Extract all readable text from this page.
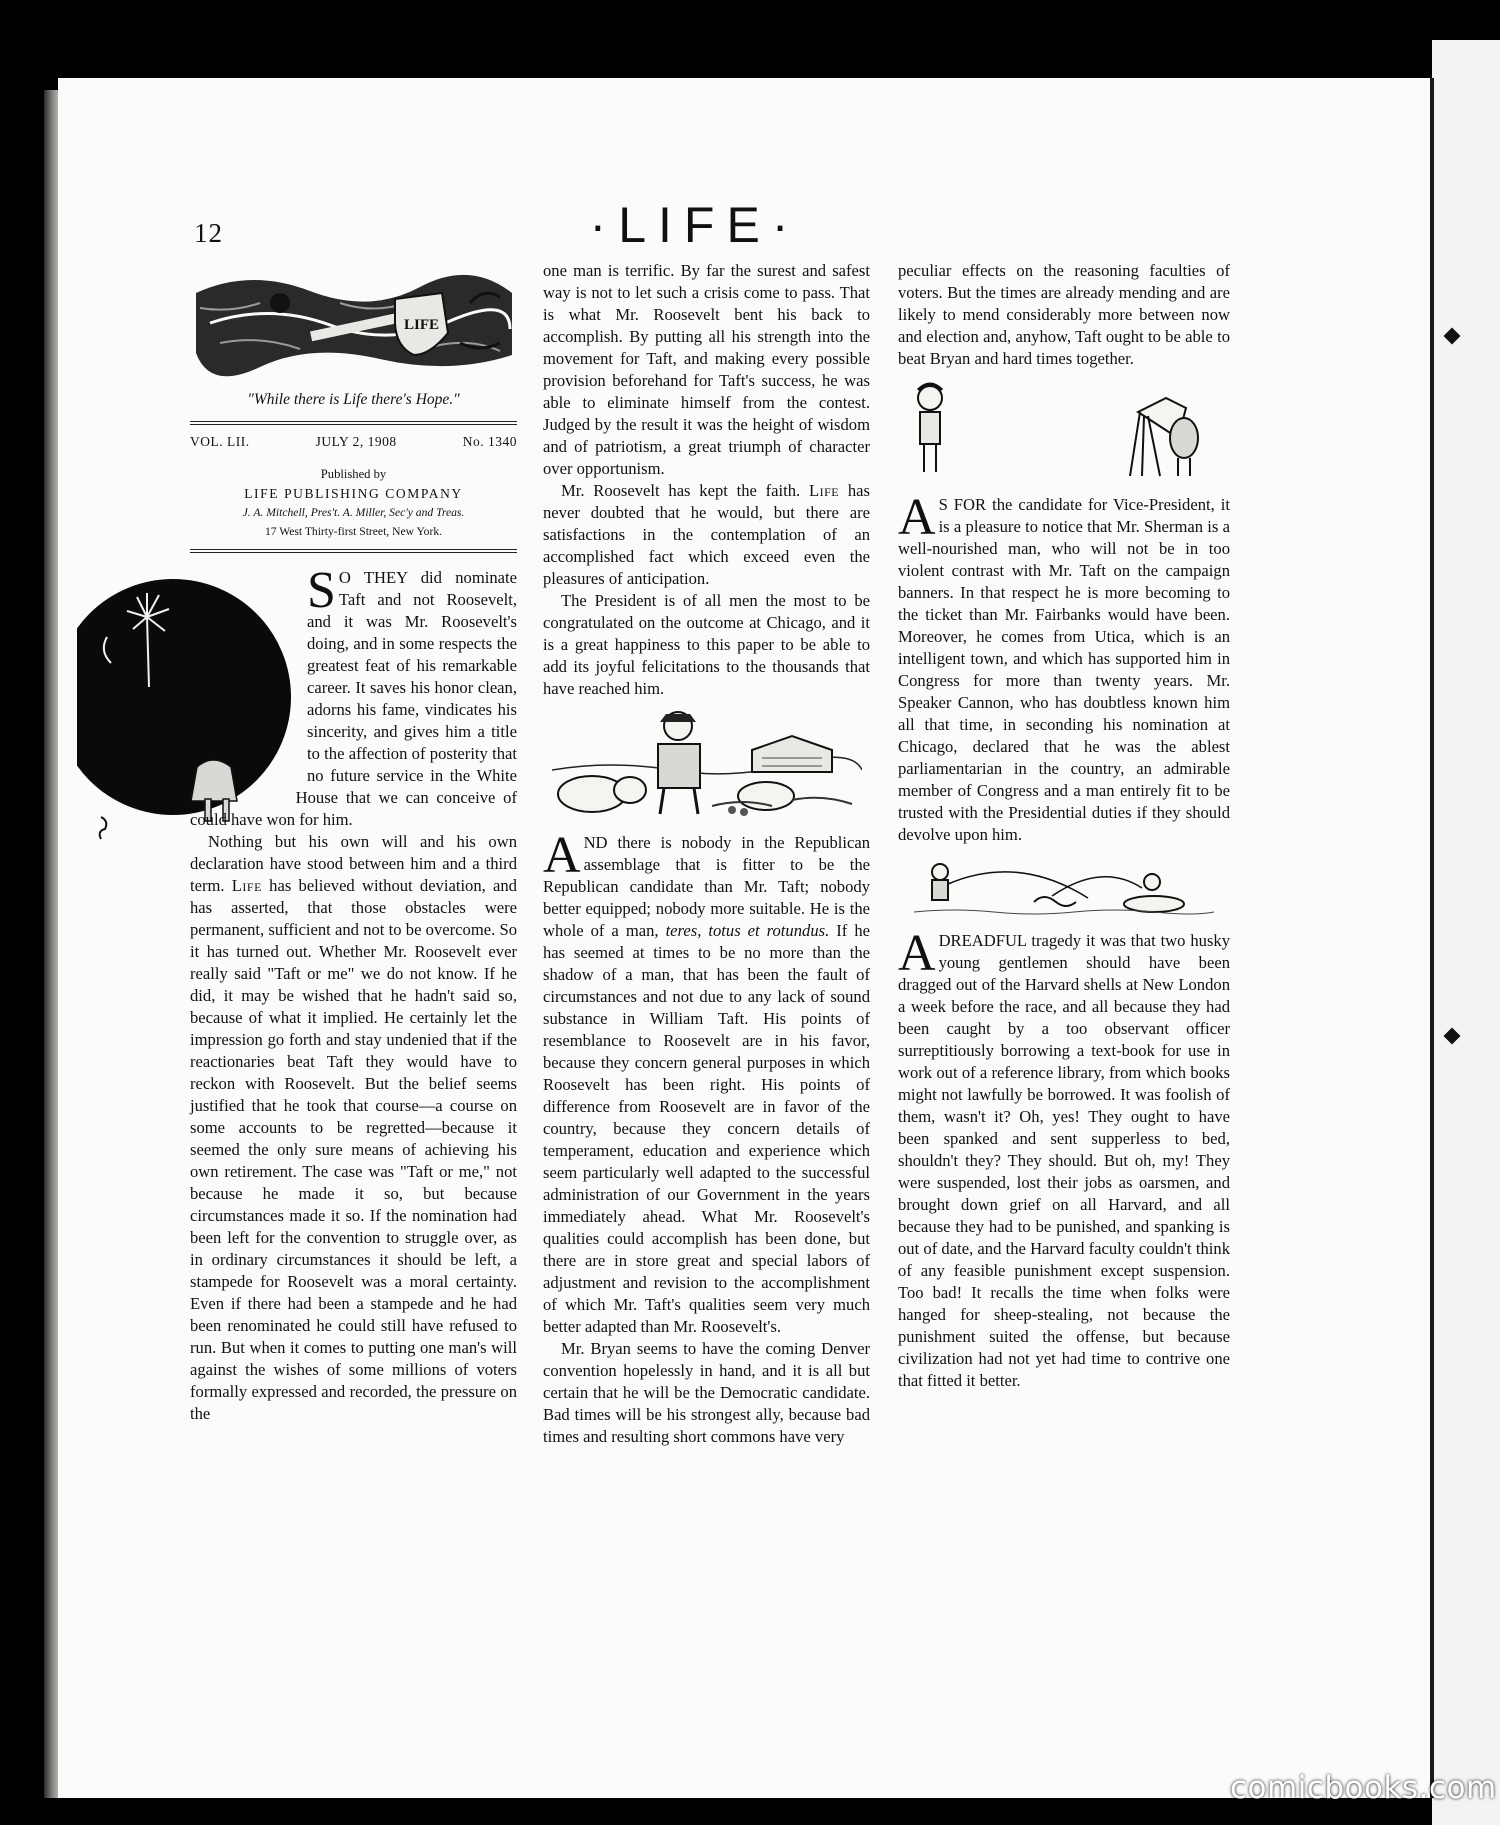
12	·LIFE·
LIFE
"While there is Life there's Hope."
VOL. LII.	JULY 2, 1908	No. 1340
Published by
LIFE PUBLISHING COMPANY
J. A. Mitchell, Pres't. A. Miller, Sec'y and Treas.
17 West Thirty-first Street, New York.

S O THEY did nominate Taft and not Roosevelt, and it was Mr. Roosevelt's doing, and in some respects the greatest feat of his remarkable career. It saves his honor clean, adorns his fame, vindicates his sincerity, and gives him a title to the affection of posterity that no future service in the White House that we can conceive of could have won for him.

Nothing but his own will and his own declaration have stood between him and a third term. Life has believed without deviation, and has asserted, that those obstacles were permanent, sufficient and not to be overcome. So it has turned out. Whether Mr. Roosevelt ever really said "Taft or me" we do not know. If he did, it may be wished that he hadn't said so, because of what it implied. He certainly let the impression go forth and stay undenied that if the reactionaries beat Taft they would have to reckon with Roosevelt. But the belief seems justified that he took that course—a course on some accounts to be regretted—because it seemed the only sure means of achieving his own retirement. The case was "Taft or me," not because he made it so, but because circumstances made it so. If the nomination had been left for the convention to struggle over, as in ordinary circumstances it should be left, a stampede for Roosevelt was a moral certainty. Even if there had been a stampede and he had been renominated he could still have refused to run. But when it comes to putting one man's will against the wishes of some millions of voters formally expressed and recorded, the pressure on the

one man is terrific. By far the surest and safest way is not to let such a crisis come to pass. That is what Mr. Roosevelt bent his back to accomplish. By putting all his strength into the movement for Taft, and making every possible provision beforehand for Taft's success, he was able to eliminate himself from the contest. Judged by the result it was the height of wisdom and of patriotism, a great triumph of character over opportunism.

Mr. Roosevelt has kept the faith. Life has never doubted that he would, but there are satisfactions in the contemplation of an accomplished fact which exceed even the pleasures of anticipation.

The President is of all men the most to be congratulated on the outcome at Chicago, and it is a great happiness to this paper to be able to add its joyful felicitations to the thousands that have reached him.

AND there is nobody in the Republican assemblage that is fitter to be the Republican candidate than Mr. Taft; nobody better equipped; nobody more suitable. He is the whole of a man, teres, totus et rotundus. If he has seemed at times to be no more than the shadow of a man, that has been the fault of circumstances and not due to any lack of sound substance in William Taft. His points of resemblance to Roosevelt are in his favor, because they concern general purposes in which Roosevelt has been right. His points of difference from Roosevelt are in favor of the country, because they concern details of temperament, education and experience which seem particularly well adapted to the successful administration of our Government in the years immediately ahead. What Mr. Roosevelt's qualities could accomplish has been done, but there are in store great and special labors of adjustment and revision to the accomplishment of which Mr. Taft's qualities seem very much better adapted than Mr. Roosevelt's.

Mr. Bryan seems to have the coming Denver convention hopelessly in hand, and it is all but certain that he will be the Democratic candidate. Bad times will be his strongest ally, because bad times and resulting short commons have very

peculiar effects on the reasoning faculties of voters. But the times are already mending and are likely to mend considerably more between now and election and, anyhow, Taft ought to be able to beat Bryan and hard times together.

A S FOR the candidate for Vice-President, it is a pleasure to notice that Mr. Sherman is a well-nourished man, who will not be in too violent contrast with Mr. Taft on the campaign banners. In that respect he is more becoming to the ticket than Mr. Fairbanks would have been. Moreover, he comes from Utica, which is an intelligent town, and which has supported him in Congress for more than twenty years. Mr. Speaker Cannon, who has doubtless known him all that time, in seconding his nomination at Chicago, declared that he was the ablest parliamentarian in the country, an admirable member of Congress and a man entirely fit to be trusted with the Presidential duties if they should devolve upon him.

ADREADFUL tragedy it was that two husky young gentlemen should have been dragged out of the Harvard shells at New London a week before the race, and all because they had been caught by a too observant officer surreptitiously borrowing a text-book for use in work out of a reference library, from which books might not lawfully be borrowed. It was foolish of them, wasn't it? Oh, yes! They ought to have been spanked and sent supperless to bed, shouldn't they? They should. But oh, my! They were suspended, lost their jobs as oarsmen, and brought down grief on all Harvard, and all because they had to be punished, and spanking is out of date, and the Harvard faculty couldn't think of any feasible punishment except suspension. Too bad! It recalls the time when folks were hanged for sheep-stealing, not because the punishment suited the offense, but because civilization had not yet had time to contrive one that fitted it better.

comicbooks.com
